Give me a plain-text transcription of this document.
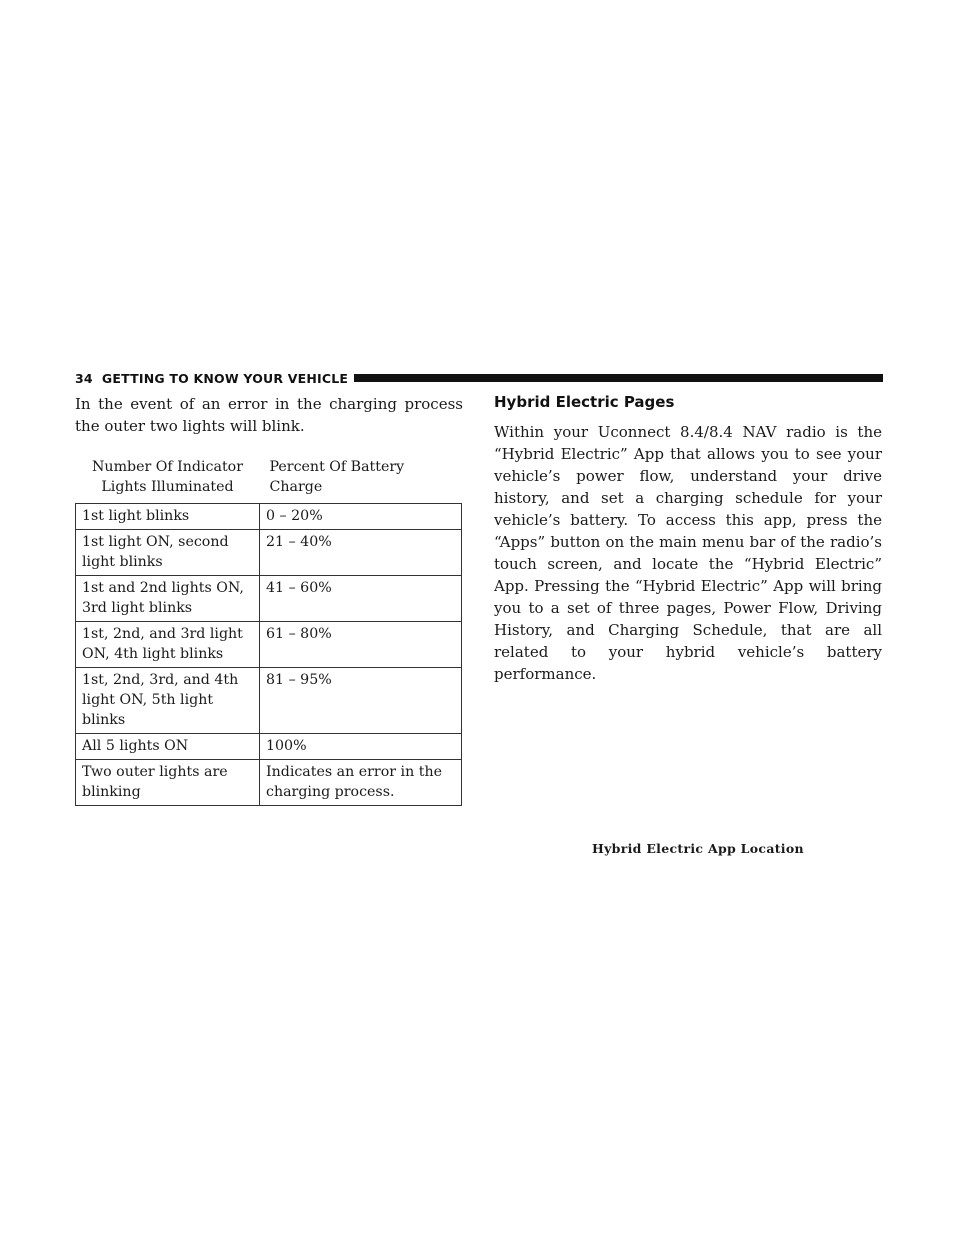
34 GETTING TO KNOW YOUR VEHICLE

In the event of an error in the charging process the outer two lights will blink.

Number Of Indicator Lights Illuminated	Percent Of Battery Charge
1st light blinks	0 – 20%
1st light ON, second light blinks	21 – 40%
1st and 2nd lights ON, 3rd light blinks	41 – 60%
1st, 2nd, and 3rd light ON, 4th light blinks	61 – 80%
1st, 2nd, 3rd, and 4th light ON, 5th light blinks	81 – 95%
All 5 lights ON	100%
Two outer lights are blinking	Indicates an error in the charging process.
Hybrid Electric Pages

Within your Uconnect 8.4/8.4 NAV radio is the “Hybrid Electric” App that allows you to see your vehicle’s power flow, understand your drive history, and set a charging schedule for your vehicle’s battery. To access this app, press the “Apps” button on the main menu bar of the radio’s touch screen, and locate the “Hybrid Electric” App. Pressing the “Hybrid Electric” App will bring you to a set of three pages, Power Flow, Driving History, and Charging Schedule, that are all related to your hybrid vehicle’s battery performance.

Hybrid Electric App Location
